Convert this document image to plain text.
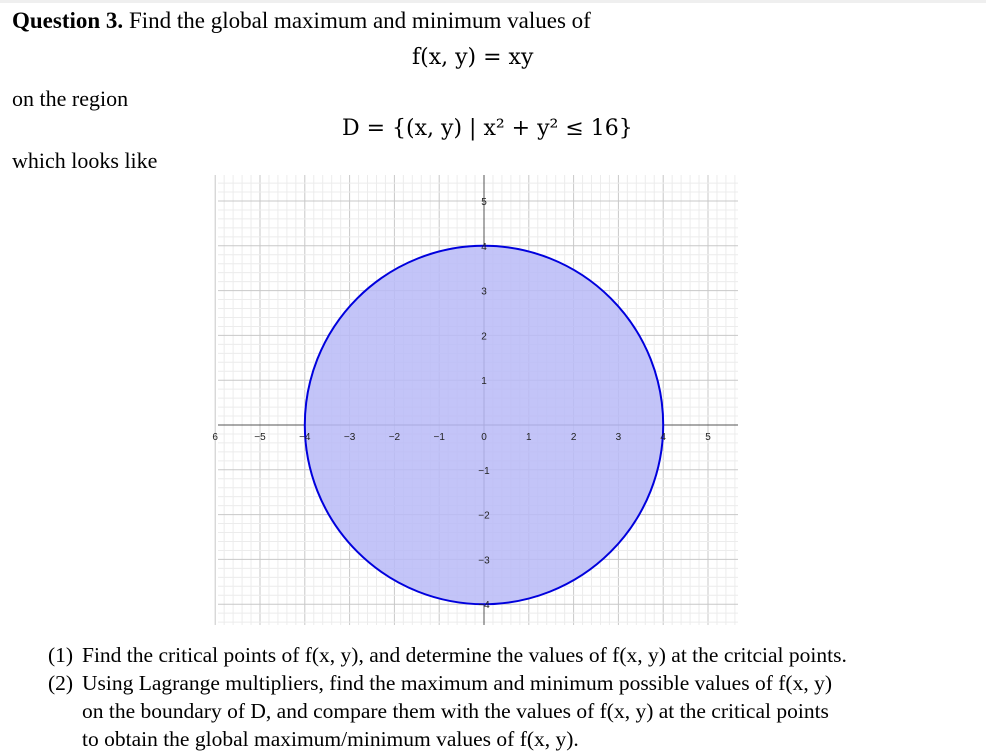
Question 3. Find the global maximum and minimum values of
f(x, y) = xy
on the region
D = {(x, y) | x² + y² ≤ 16}
which looks like
6	−5	−4	−3	−2	−1	0	1	2	3	4	5
5
4
3
2
1
−1
−2
−3
−4
(1) Find the critical points of f(x, y), and determine the values of f(x, y) at the critcial points.
(2) Using Lagrange multipliers, find the maximum and minimum possible values of f(x, y)
on the boundary of D, and compare them with the values of f(x, y) at the critical points
to obtain the global maximum/minimum values of f(x, y).
